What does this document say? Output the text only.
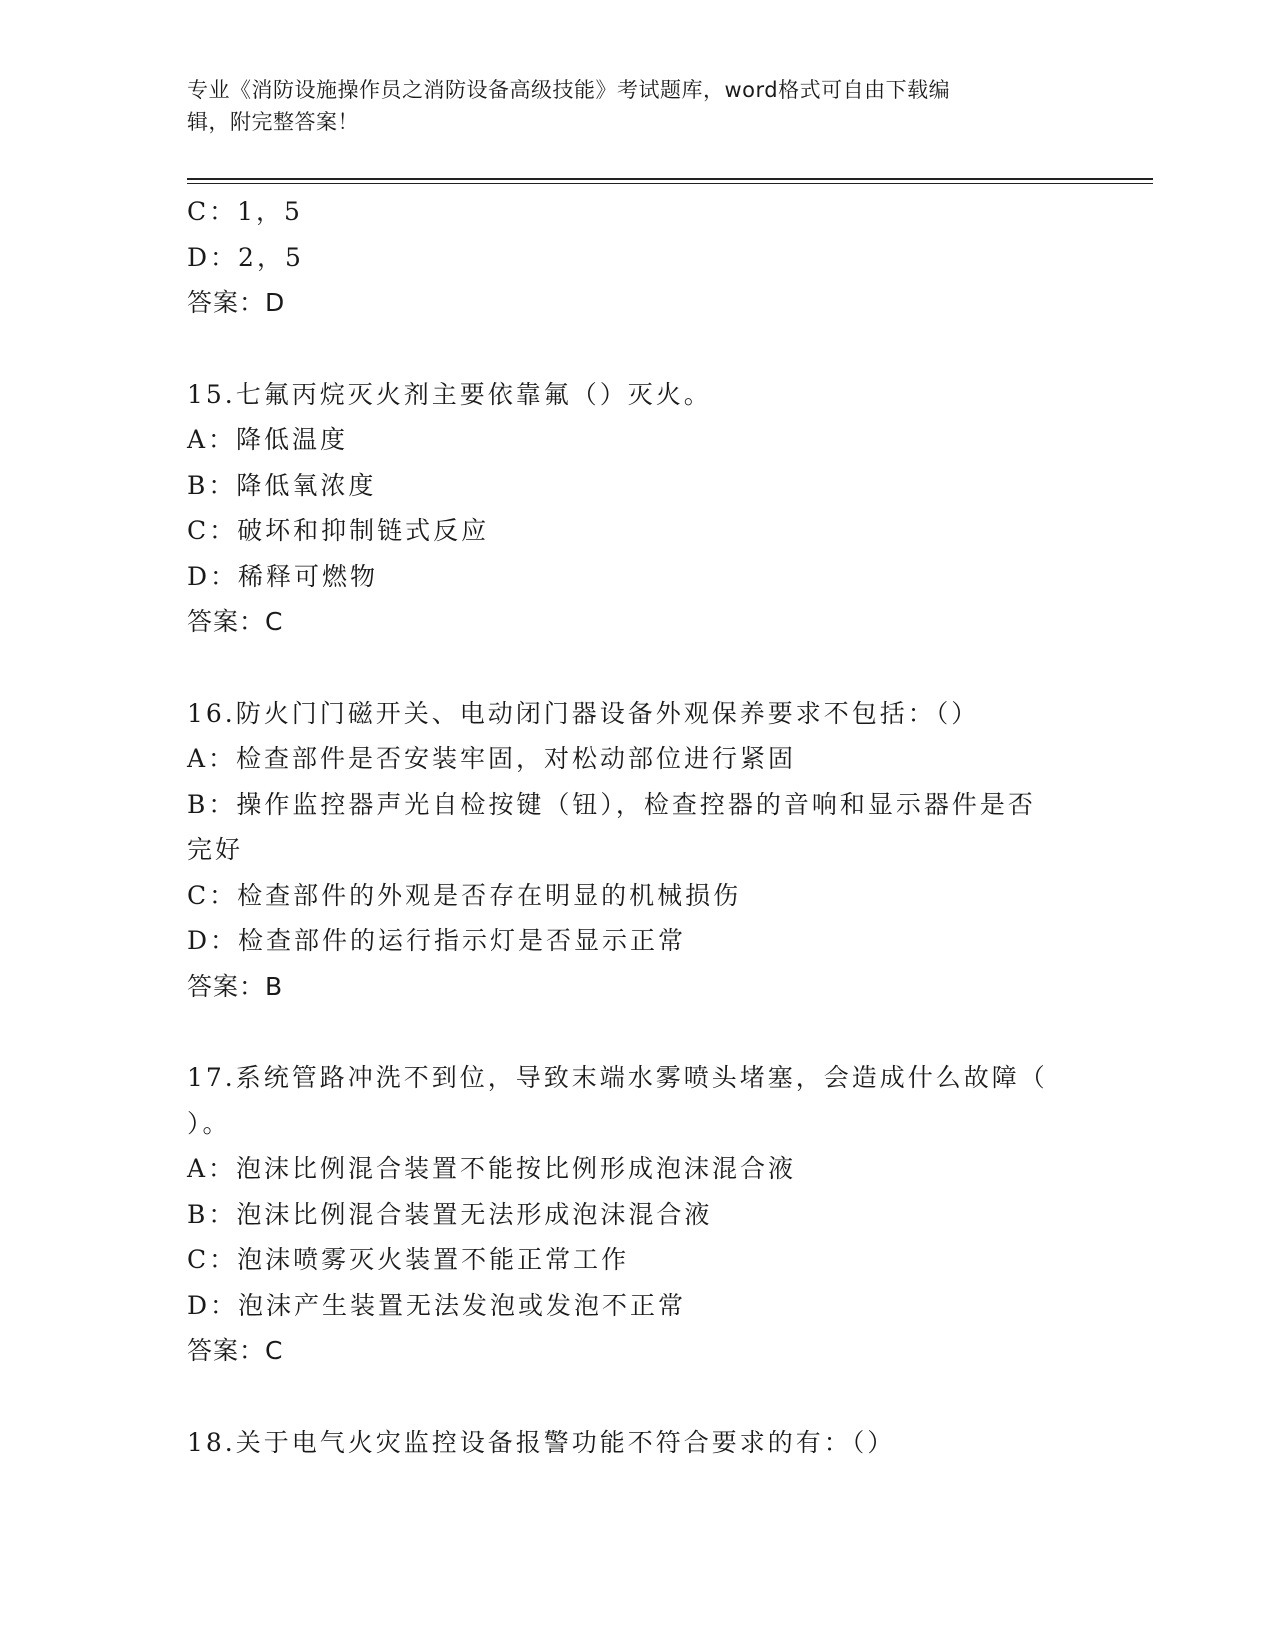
专业《消防设施操作员之消防设备高级技能》考试题库，word格式可自由下载编
辑，附完整答案！
C：1，5
D：2，5
答案：D
15.七氟丙烷灭火剂主要依靠氟（）灭火。
A：降低温度
B：降低氧浓度
C：破坏和抑制链式反应
D：稀释可燃物
答案：C
16.防火门门磁开关、电动闭门器设备外观保养要求不包括：（）
A：检查部件是否安装牢固，对松动部位进行紧固
B：操作监控器声光自检按键（钮），检查控器的音响和显示器件是否
完好
C：检查部件的外观是否存在明显的机械损伤
D：检查部件的运行指示灯是否显示正常
答案：B
17.系统管路冲洗不到位，导致末端水雾喷头堵塞，会造成什么故障（
）。
A：泡沫比例混合装置不能按比例形成泡沫混合液
B：泡沫比例混合装置无法形成泡沫混合液
C：泡沫喷雾灭火装置不能正常工作
D：泡沫产生装置无法发泡或发泡不正常
答案：C
18.关于电气火灾监控设备报警功能不符合要求的有：（）
